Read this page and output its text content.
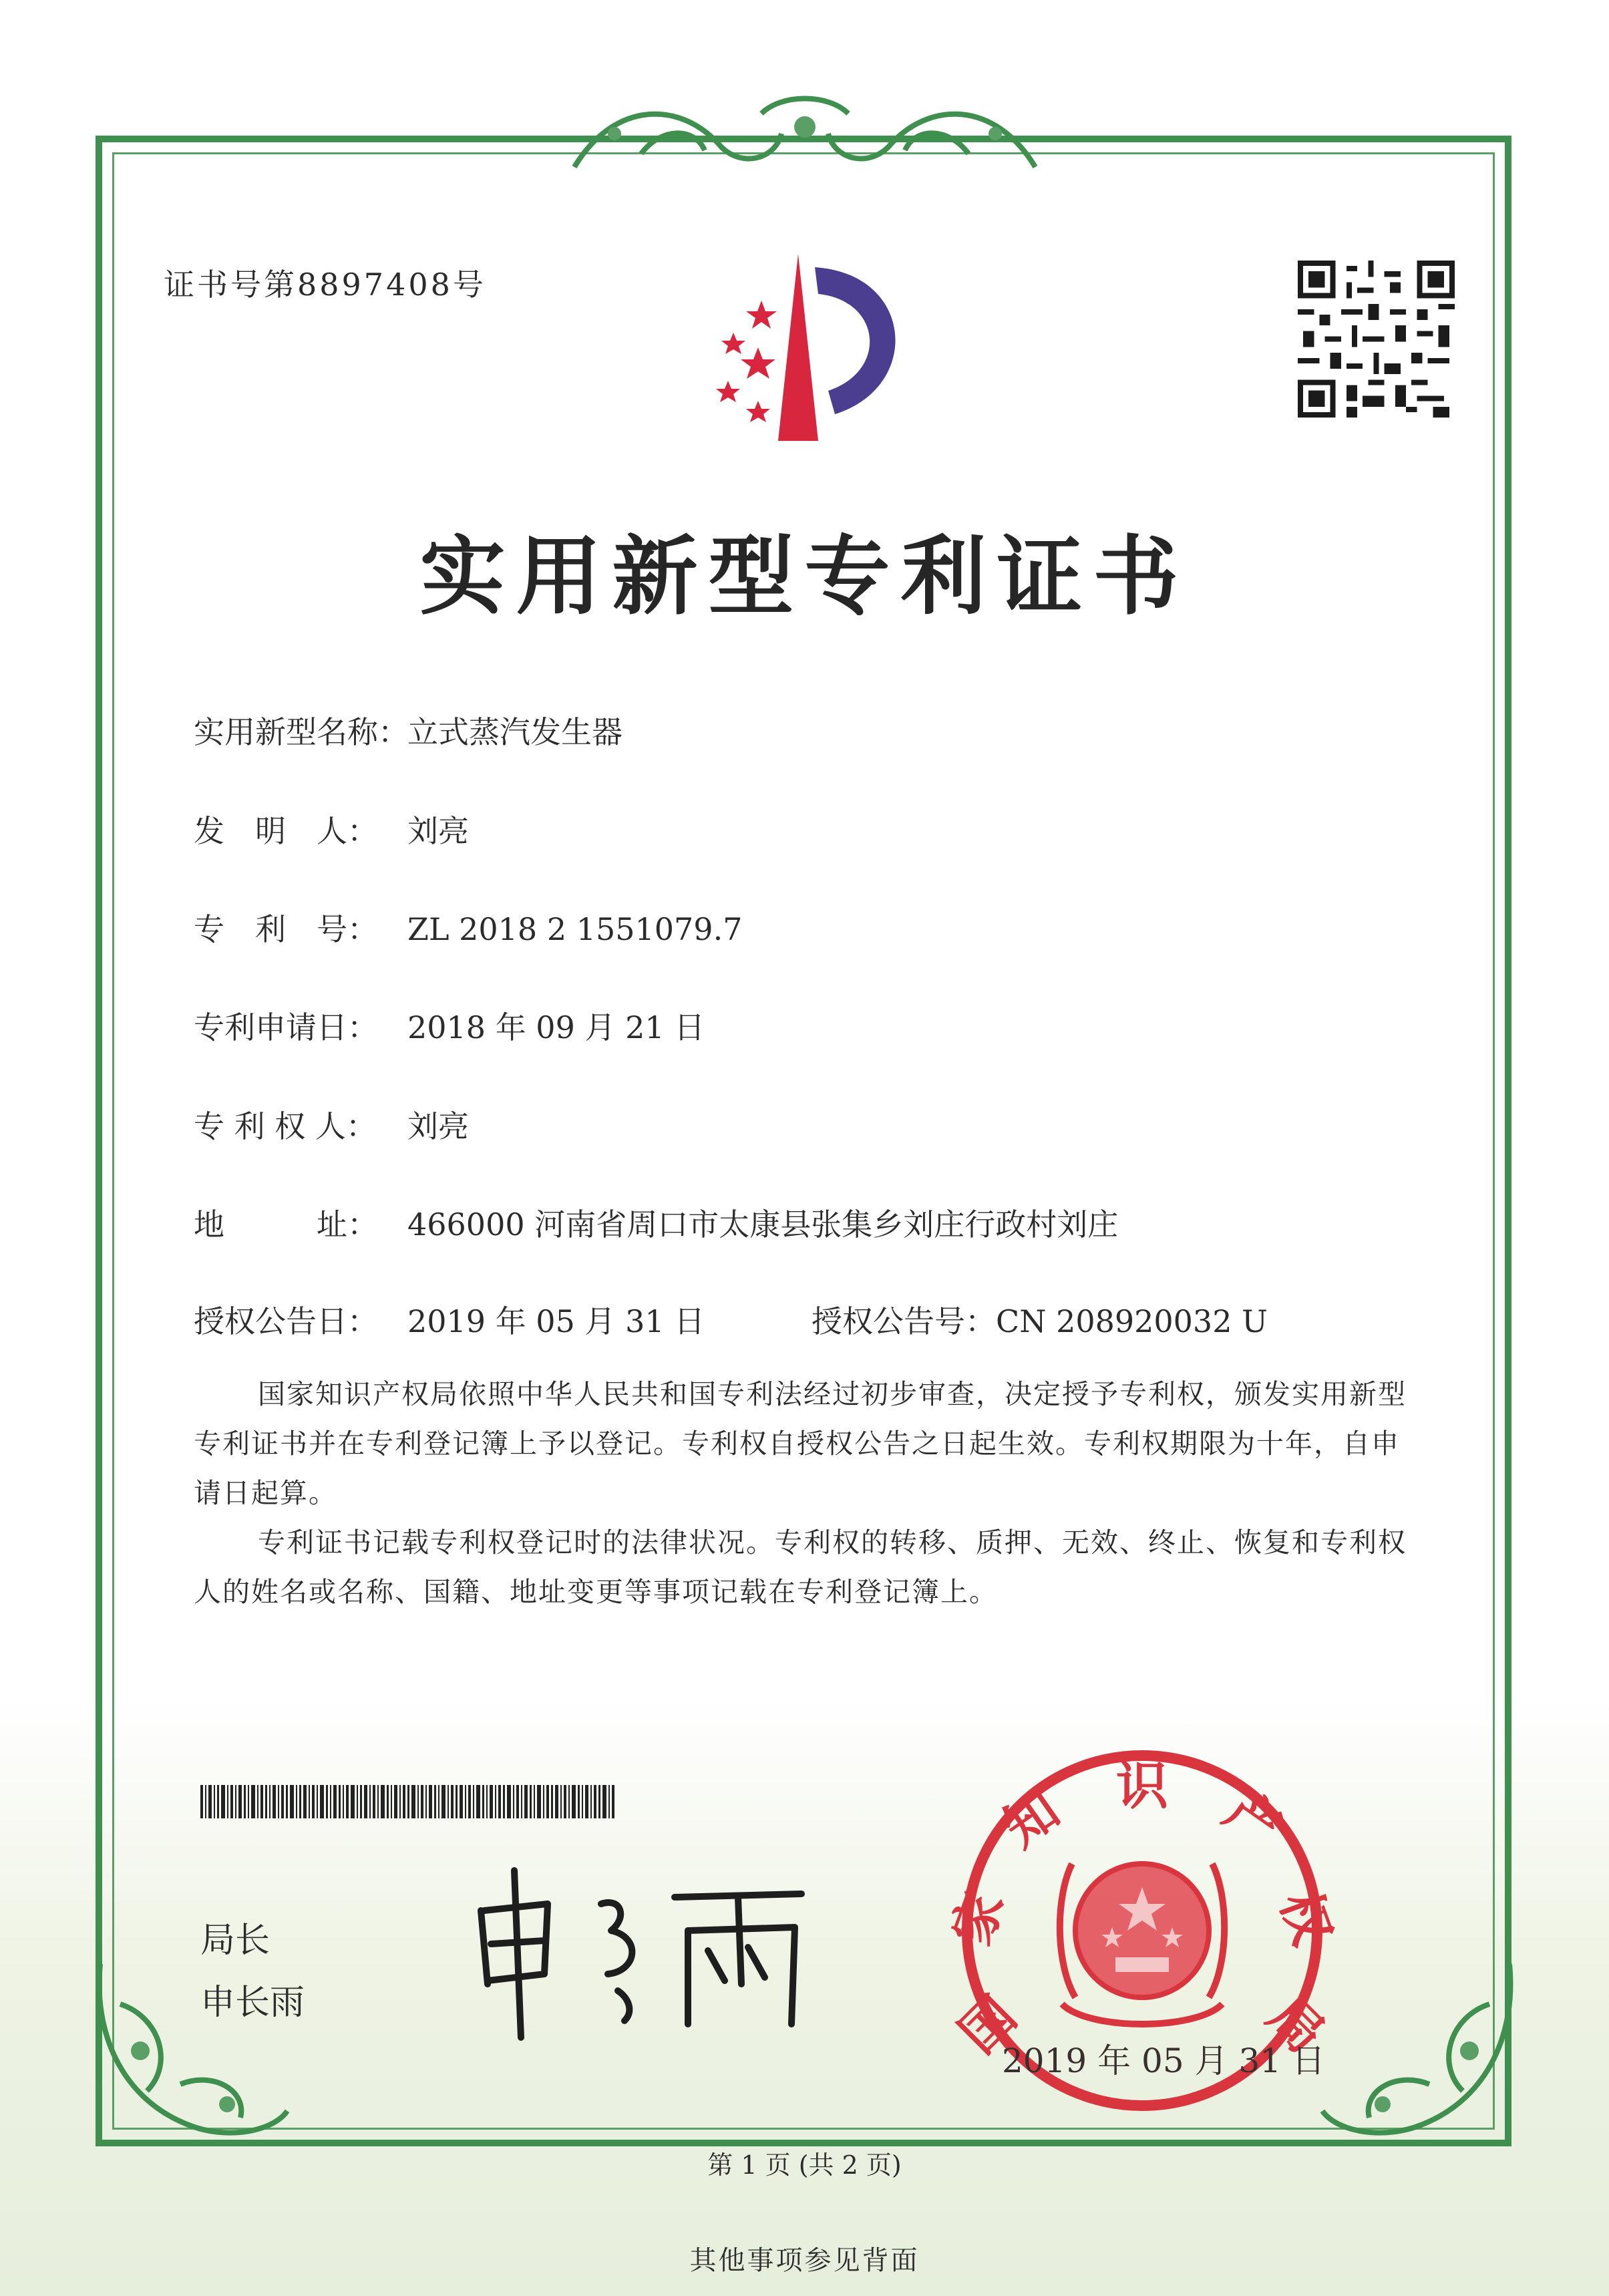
证书号第8897408号
实用新型专利证书
实用新型名称：立式蒸汽发生器
发　明　人： 刘亮
专　利　号： ZL 2018 2 1551079.7
专利申请日： 2018 年 09 月 21 日
专 利 权 人： 刘亮
地　　　址： 466000 河南省周口市太康县张集乡刘庄行政村刘庄
授权公告日： 2019 年 05 月 31 日	授权公告号：CN 208920032 U
国家知识产权局依照中华人民共和国专利法经过初步审查，决定授予专利权，颁发实用新型专利证书并在专利登记簿上予以登记。专利权自授权公告之日起生效。专利权期限为十年，自申请日起算。
专利证书记载专利权登记时的法律状况。专利权的转移、质押、无效、终止、恢复和专利权人的姓名或名称、国籍、地址变更等事项记载在专利登记簿上。
局长
申长雨	国
家
知 识 产
权
局
2019 年 05 月 31 日
第 1 页 (共 2 页)
其他事项参见背面
